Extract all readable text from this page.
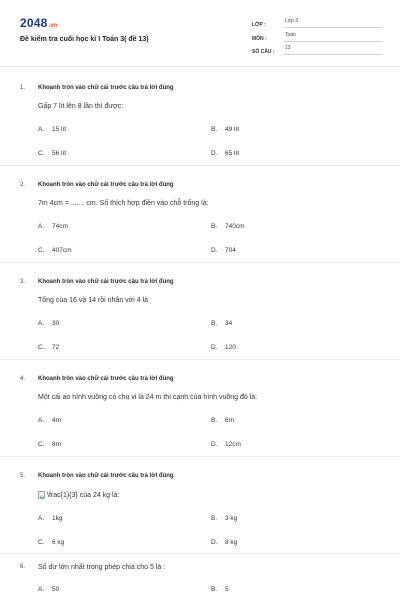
2048 .vn
Đề kiểm tra cuối học kì I Toán 3( đề 13)
LỚP :
Lớp 3
MÔN :
Toán
SỐ CÂU :
13
1.	Khoanh tròn vào chữ cái trước câu trả lời đúng
Gấp 7 lít lên 8 lần thì được:
A.	15 lít	B.	49 lít
C.	56 lít	D.	65 lít
2.	Khoanh tròn vào chữ cái trước câu trả lời đúng
7m 4cm = ....... cm. Số thích hợp điền vào chỗ trống là:
A.	74cm	B.	740cm
C.	407cm	D.	704
3.	Khoanh tròn vào chữ cái trước câu trả lời đúng
Tổng của 16 và 14 rồi nhân với 4 là
A.	30	B.	34
C.	72	D.	120
4.	Khoanh tròn vào chữ cái trước câu trả lời đúng
Một cái ao hình vuông có chu vi là 24 m thì cạnh của hình vuông đó là:
A.	4m	B.	6m
C.	8m	D.	12cm
5.	Khoanh tròn vào chữ cái trước câu trả lời đúng
\frac{1}{3}
của 24 kg là:
A.	1kg	B.	3 kg
C.	6 kg	D.	8 kg
6.	Số dư lớn nhất trong phép chia cho 5 là :
A.	50	B.	5
